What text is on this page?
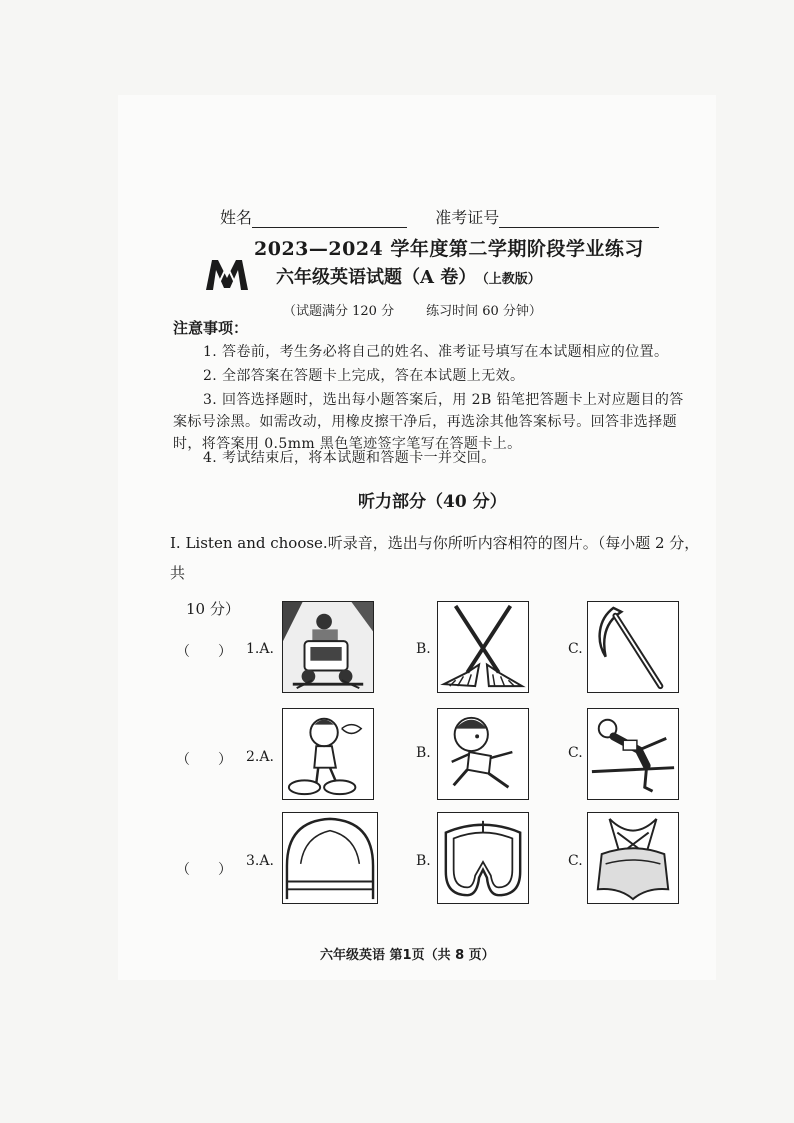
姓名	准考证号
2023—2024 学年度第二学期阶段学业练习
六年级英语试题（A 卷） （上教版）
（试题满分 120 分 练习时间 60 分钟）
注意事项：
1. 答卷前，考生务必将自己的姓名、准考证号填写在本试题相应的位置。
2. 全部答案在答题卡上完成，答在本试题上无效。
3. 回答选择题时，选出每小题答案后，用 2B 铅笔把答题卡上对应题目的答案标号涂黑。如需改动，用橡皮擦干净后，再选涂其他答案标号。回答非选择题时，将答案用 0.5mm 黑色笔迹签字笔写在答题卡上。
4. 考试结束后，将本试题和答题卡一并交回。
听力部分（40 分）
I. Listen and choose.听录音，选出与你所听内容相符的图片。（每小题 2 分，共
10 分）
（　　） 1.A.	B.	C.
（　　） 2.A.	B.	C.
（　　）
3.A.	B.	C.
六年级英语 第1页（共 8 页）
